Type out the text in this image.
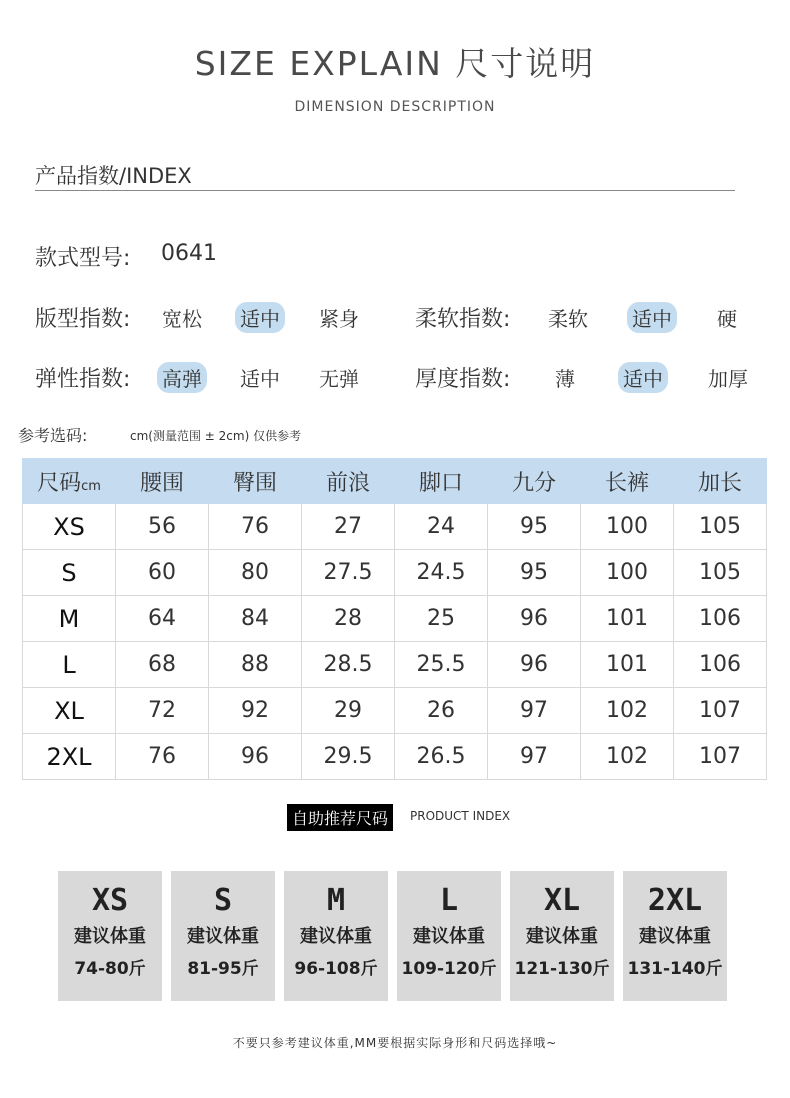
SIZE EXPLAIN 尺寸说明
DIMENSION DESCRIPTION
产品指数/INDEX
款式型号: 0641
版型指数: 宽松 适中 紧身	柔软指数: 柔软 适中 硬
弹性指数: 高弹 适中 无弹	厚度指数: 薄 适中 加厚
参考选码:	cm(测量范围 ± 2cm) 仅供参考
尺码cm	腰围	臀围	前浪	脚口	九分	长裤	加长
XS	56	76	27	24	95	100	105
S	60	80	27.5	24.5	95	100	105
M	64	84	28	25	96	101	106
L	68	88	28.5	25.5	96	101	106
XL	72	92	29	26	97	102	107
2XL	76	96	29.5	26.5	97	102	107
自助推荐尺码	PRODUCT INDEX
XS
建议体重
74-80斤
S
建议体重
81-95斤
M
建议体重
96-108斤
L
建议体重
109-120斤
XL
建议体重
121-130斤
2XL
建议体重
131-140斤
不要只参考建议体重,MM要根据实际身形和尺码选择哦~
